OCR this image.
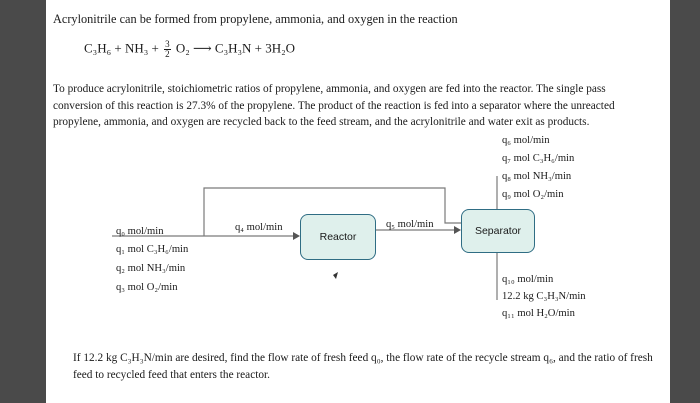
Acrylonitrile can be formed from propylene, ammonia, and oxygen in the reaction
$C_3H_6 + NH_3 + \frac{3}{2} O_2$ ⟶ C₃H₃N + 3H₂O
To produce acrylonitrile, stoichiometric ratios of propylene, ammonia, and oxygen are fed into the reactor. The single pass conversion of this reaction is 27.3% of the propylene. The product of the reaction is fed into a separator where the unreacted propylene, ammonia, and oxygen are recycled back to the feed stream, and the acrylonitrile and water exit as products.
Reactor	Separator
q₆ mol/min
q₇ mol C₃H₆/min
q₈ mol NH₃/min
q₉ mol O₂/min
q₀ mol/min
q₁ mol C₃H₆/min
q₂ mol NH₃/min
q₃ mol O₂/min
q₄ mol/min	q₅ mol/min
q₁₀ mol/min
12.2 kg C₃H₃N/min
q₁₁ mol H₂O/min
If 12.2 kg C₃H₃N/min are desired, find the flow rate of fresh feed q₀, the flow rate of the recycle stream q₆, and the ratio of fresh feed to recycled feed that enters the reactor.
